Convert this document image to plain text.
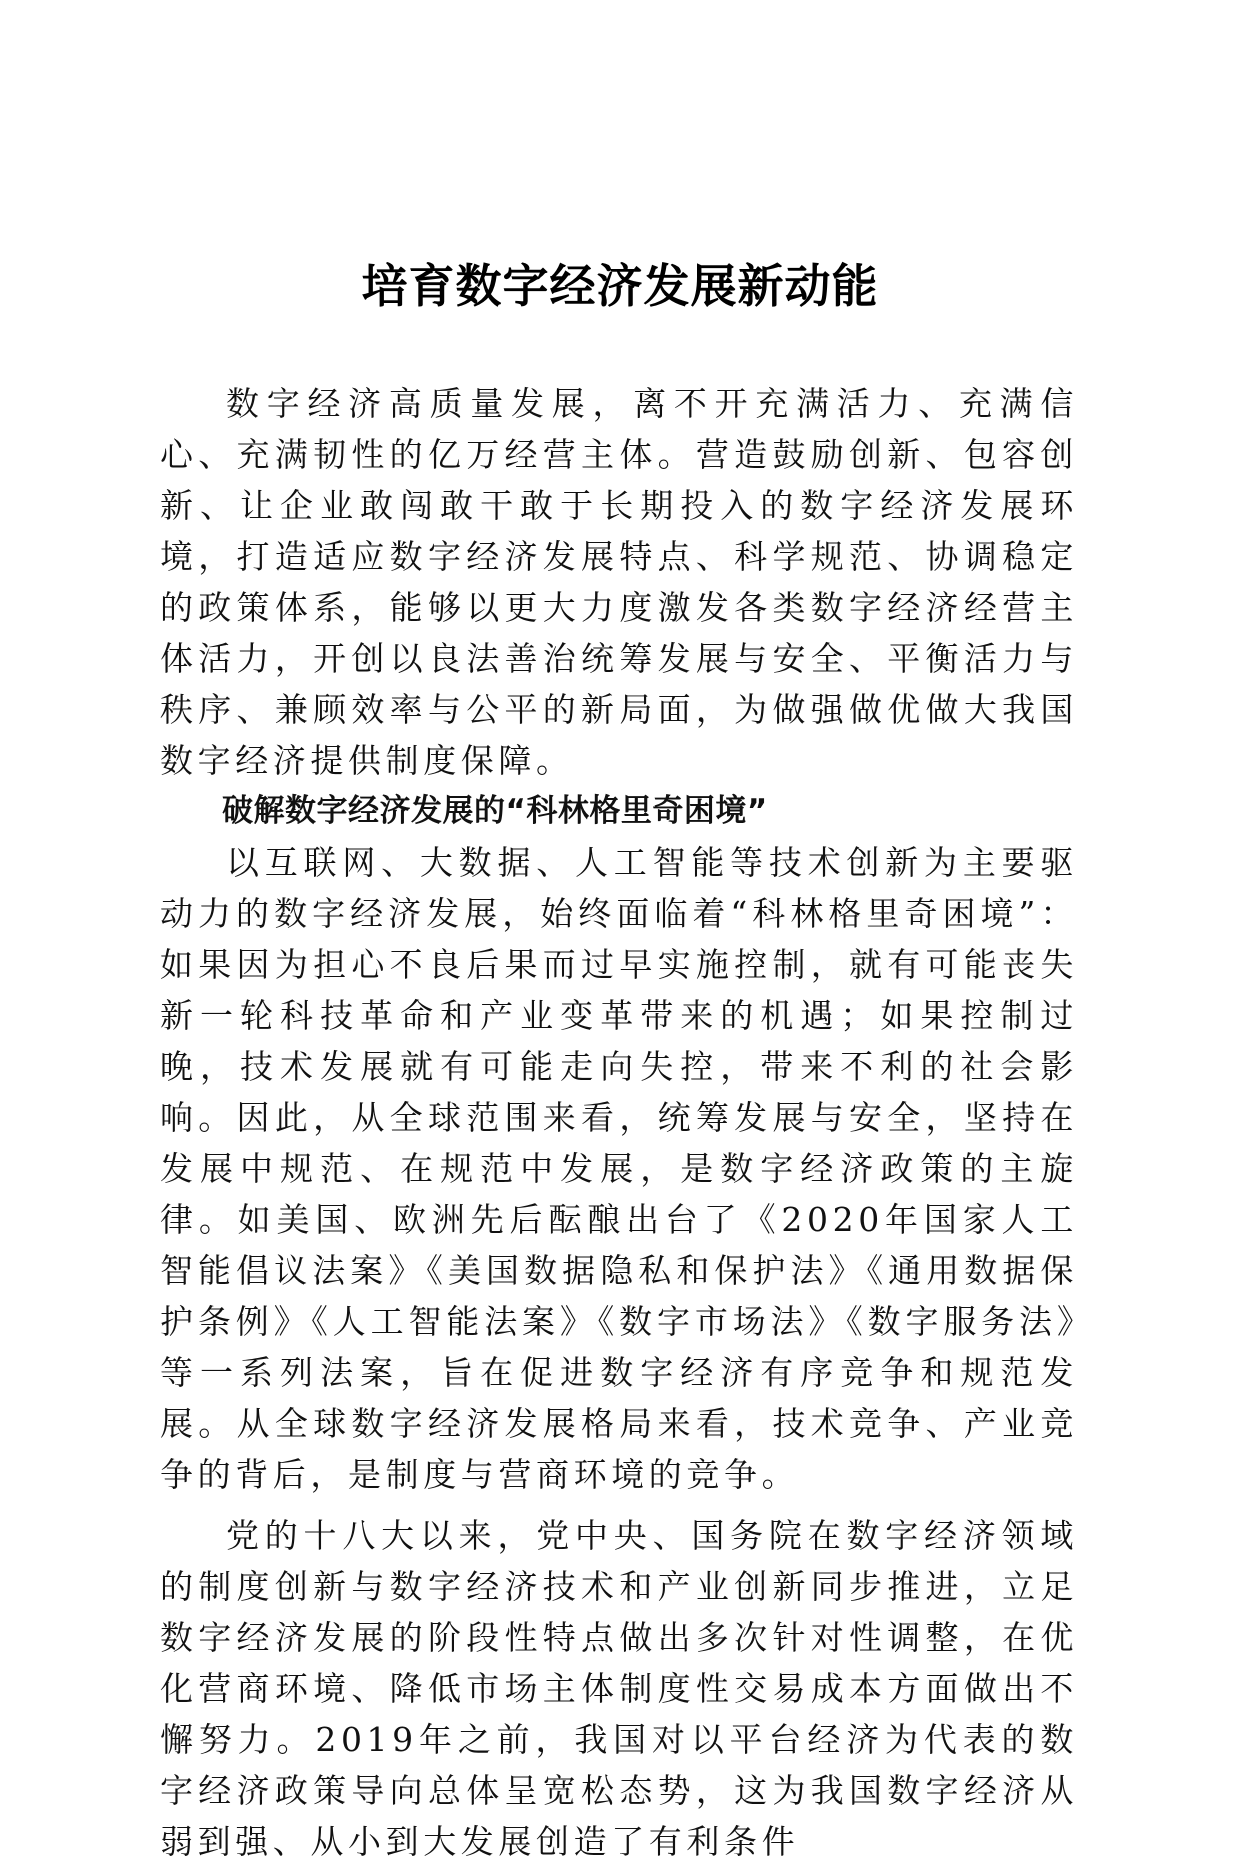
培育数字经济发展新动能

数字经济高质量发展，离不开充满活力、充满信心、充满韧性的亿万经营主体。营造鼓励创新、包容创新、让企业敢闯敢干敢于长期投入的数字经济发展环境，打造适应数字经济发展特点、科学规范、协调稳定的政策体系，能够以更大力度激发各类数字经济经营主体活力，开创以良法善治统筹发展与安全、平衡活力与秩序、兼顾效率与公平的新局面，为做强做优做大我国数字经济提供制度保障。

破解数字经济发展的“科林格里奇困境”

以互联网、大数据、人工智能等技术创新为主要驱动力的数字经济发展，始终面临着“科林格里奇困境”：如果因为担心不良后果而过早实施控制，就有可能丧失新一轮科技革命和产业变革带来的机遇；如果控制过晚，技术发展就有可能走向失控，带来不利的社会影响。因此，从全球范围来看，统筹发展与安全，坚持在发展中规范、在规范中发展，是数字经济政策的主旋律。如美国、欧洲先后酝酿出台了《2020年国家人工智能倡议法案》《美国数据隐私和保护法》《通用数据保护条例》《人工智能法案》《数字市场法》《数字服务法》等一系列法案，旨在促进数字经济有序竞争和规范发展。从全球数字经济发展格局来看，技术竞争、产业竞争的背后，是制度与营商环境的竞争。

党的十八大以来，党中央、国务院在数字经济领域的制度创新与数字经济技术和产业创新同步推进，立足数字经济发展的阶段性特点做出多次针对性调整，在优化营商环境、降低市场主体制度性交易成本方面做出不懈努力。2019年之前，我国对以平台经济为代表的数字经济政策导向总体呈宽松态势，这为我国数字经济从弱到强、从小到大发展创造了有利条件
